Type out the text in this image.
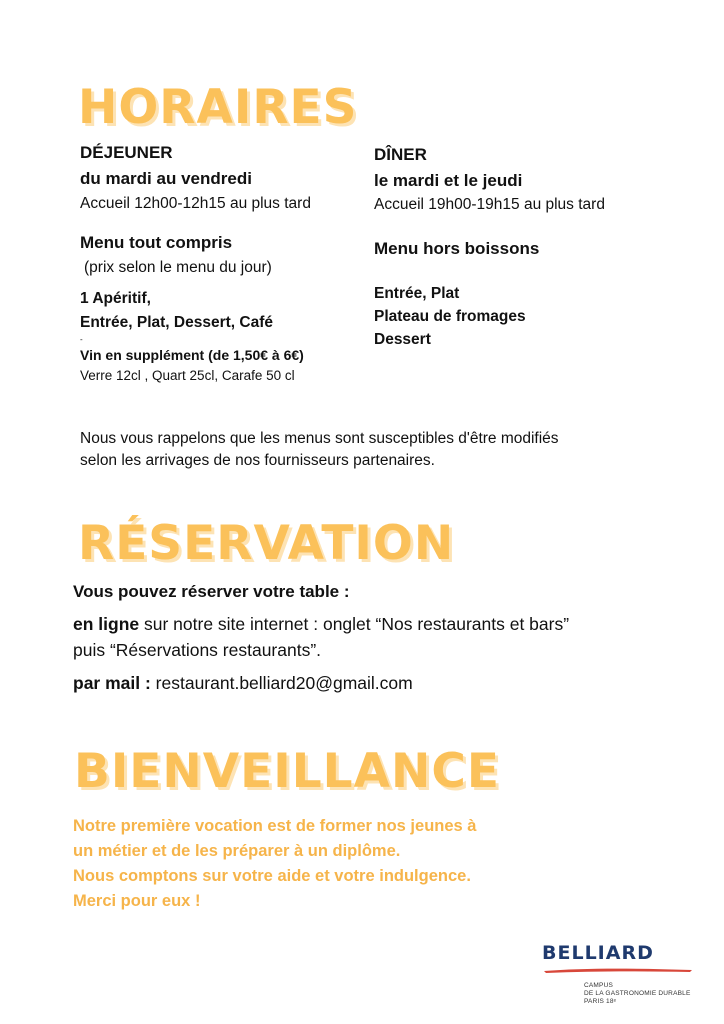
HORAIRES
DÉJEUNER
du mardi au vendredi
Accueil 12h00-12h15 au plus tard
Menu tout compris
(prix selon le menu du jour)
1 Apéritif,
Entrée, Plat, Dessert, Café
-
Vin en supplément (de 1,50€ à 6€)
Verre 12cl , Quart 25cl, Carafe 50 cl
DÎNER
le mardi et le jeudi
Accueil 19h00-19h15 au plus tard
Menu hors boissons
Entrée, Plat
Plateau de fromages
Dessert
Nous vous rappelons que les menus sont susceptibles d'être modifiés
selon les arrivages de nos fournisseurs partenaires.
RÉSERVATION
Vous pouvez réserver votre table :
en ligne sur notre site internet : onglet “Nos restaurants et bars”
puis “Réservations restaurants”.
par mail : restaurant.belliard20@gmail.com
BIENVEILLANCE
Notre première vocation est de former nos jeunes à
un métier et de les préparer à un diplôme.
Nous comptons sur votre aide et votre indulgence.
Merci pour eux !
BELLIARD
CAMPUS
DE LA GASTRONOMIE DURABLE
PARIS 18ᵉ
